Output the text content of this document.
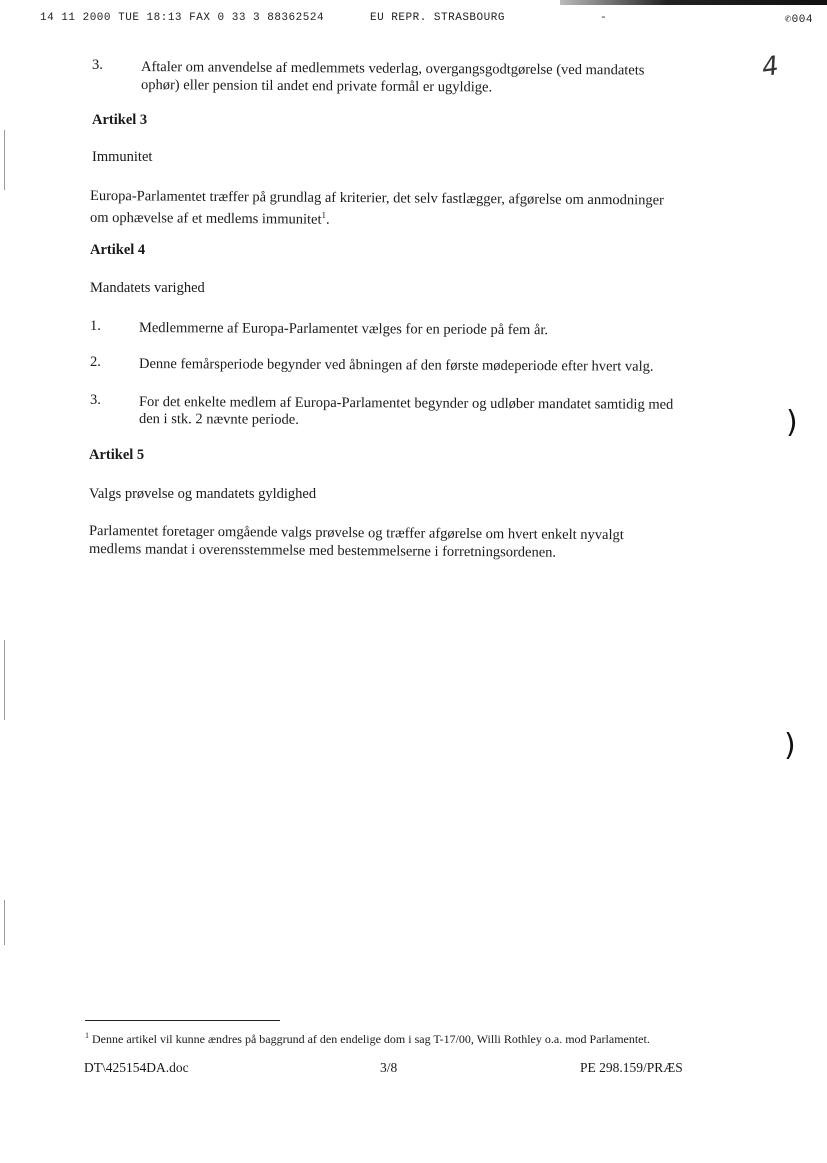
14 11 2000 TUE 18:13 FAX 0 33 3 88362524	EU REPR. STRASBOURG	-	✆004
4
3.	Aftaler om anvendelse af medlemmets vederlag, overgangsgodtgørelse (ved mandatets
ophør) eller pension til andet end private formål er ugyldige.
Artikel 3
Immunitet
Europa-Parlamentet træffer på grundlag af kriterier, det selv fastlægger, afgørelse om anmodninger
om ophævelse af et medlems immunitet$^1$.
Artikel 4
Mandatets varighed
1.	Medlemmerne af Europa-Parlamentet vælges for en periode på fem år.
2.	Denne femårsperiode begynder ved åbningen af den første mødeperiode efter hvert valg.
3.	For det enkelte medlem af Europa-Parlamentet begynder og udløber mandatet samtidig med
den i stk. 2 nævnte periode.
Artikel 5
Valgs prøvelse og mandatets gyldighed
Parlamentet foretager omgående valgs prøvelse og træffer afgørelse om hvert enkelt nyvalgt
medlems mandat i overensstemmelse med bestemmelserne i forretningsordenen.
$^1$ Denne artikel vil kunne ændres på baggrund af den endelige dom i sag T-17/00, Willi Rothley o.a. mod Parlamentet.
DT\425154DA.doc	3/8	PE 298.159/PRÆS
)
)
